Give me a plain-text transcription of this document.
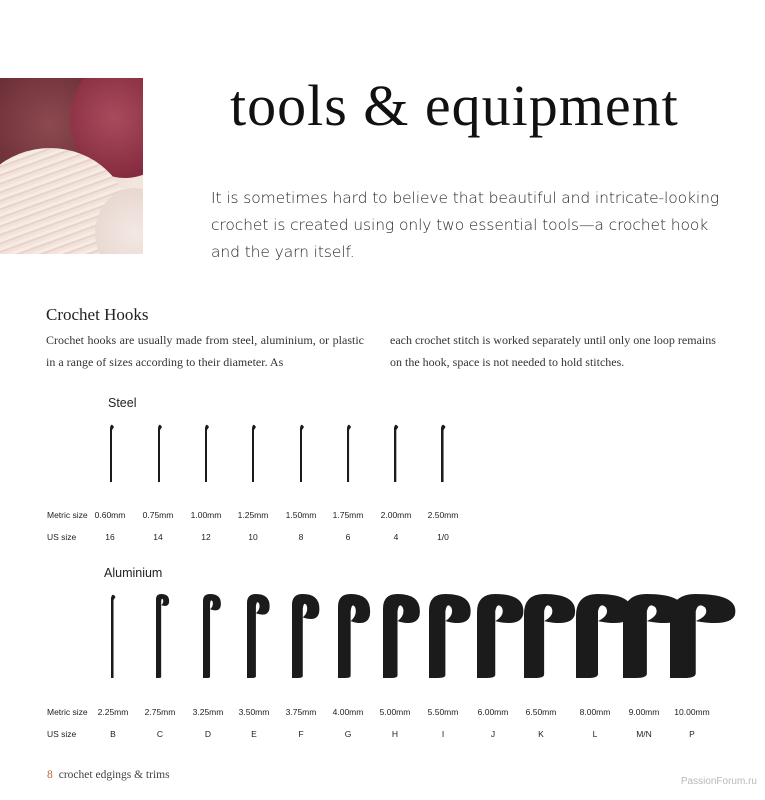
tools & equipment

It is sometimes hard to believe that beautiful and intricate-looking crochet is created using only two essential tools—a crochet hook and the yarn itself.

Crochet Hooks

Crochet hooks are usually made from steel, aluminium, or plastic in a range of sizes according to their diameter. As

each crochet stitch is worked separately until only one loop remains on the hook, space is not needed to hold stitches.

Steel
Metric size
US size
0.60mm
16
0.75mm
14
1.00mm
12
1.25mm
10
1.50mm
8
1.75mm
6
2.00mm
4
2.50mm
1/0
Aluminium
Metric size
US size
2.25mm
B
2.75mm
C
3.25mm
D
3.50mm
E
3.75mm
F
4.00mm
G
5.00mm
H
5.50mm
I
6.00mm
J
6.50mm
K
8.00mm
L
9.00mm
M/N
10.00mm
P
8 crochet edgings & trims
PassionForum.ru
